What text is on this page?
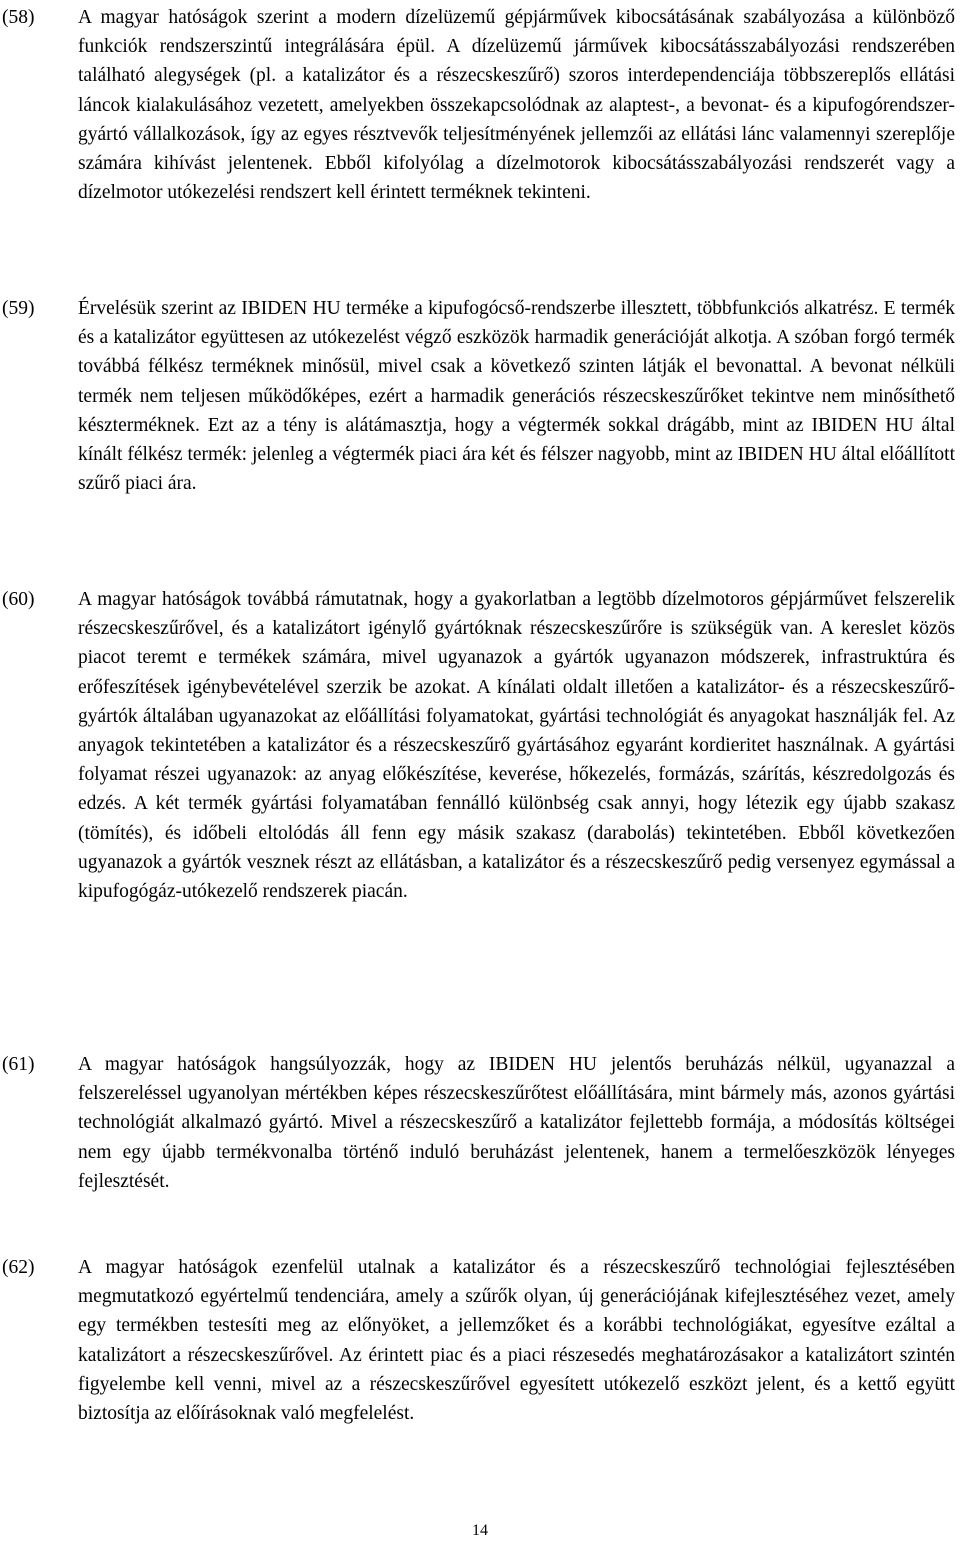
(58) A magyar hatóságok szerint a modern dízelüzemű gépjárművek kibocsátásának szabályozása a különböző funkciók rendszerszintű integrálására épül. A dízelüzemű járművek kibocsátásszabályozási rendszerében található alegységek (pl. a katalizátor és a részecskeszűrő) szoros interdependenciája többszereplős ellátási láncok kialakulásához vezetett, amelyekben összekapcsolódnak az alaptest-, a bevonat- és a kipufogórendszer-gyártó vállalkozások, így az egyes résztvevők teljesítményének jellemzői az ellátási lánc valamennyi szereplője számára kihívást jelentenek. Ebből kifolyólag a dízelmotorok kibocsátásszabályozási rendszerét vagy a dízelmotor utókezelési rendszert kell érintett terméknek tekinteni.
(59) Érvelésük szerint az IBIDEN HU terméke a kipufogócső-rendszerbe illesztett, többfunkciós alkatrész. E termék és a katalizátor együttesen az utókezelést végző eszközök harmadik generációját alkotja. A szóban forgó termék továbbá félkész terméknek minősül, mivel csak a következő szinten látják el bevonattal. A bevonat nélküli termék nem teljesen működőképes, ezért a harmadik generációs részecskeszűrőket tekintve nem minősíthető készterméknek. Ezt az a tény is alátámasztja, hogy a végtermék sokkal drágább, mint az IBIDEN HU által kínált félkész termék: jelenleg a végtermék piaci ára két és félszer nagyobb, mint az IBIDEN HU által előállított szűrő piaci ára.
(60) A magyar hatóságok továbbá rámutatnak, hogy a gyakorlatban a legtöbb dízelmotoros gépjárművet felszerelik részecskeszűrővel, és a katalizátort igénylő gyártóknak részecskeszűrőre is szükségük van. A kereslet közös piacot teremt e termékek számára, mivel ugyanazok a gyártók ugyanazon módszerek, infrastruktúra és erőfeszítések igénybevételével szerzik be azokat. A kínálati oldalt illetően a katalizátor- és a részecskeszűrő-gyártók általában ugyanazokat az előállítási folyamatokat, gyártási technológiát és anyagokat használják fel. Az anyagok tekintetében a katalizátor és a részecskeszűrő gyártásához egyaránt kordieritet használnak. A gyártási folyamat részei ugyanazok: az anyag előkészítése, keverése, hőkezelés, formázás, szárítás, készredolgozás és edzés. A két termék gyártási folyamatában fennálló különbség csak annyi, hogy létezik egy újabb szakasz (tömítés), és időbeli eltolódás áll fenn egy másik szakasz (darabolás) tekintetében. Ebből következően ugyanazok a gyártók vesznek részt az ellátásban, a katalizátor és a részecskeszűrő pedig versenyez egymással a kipufogógáz-utókezelő rendszerek piacán.
(61) A magyar hatóságok hangsúlyozzák, hogy az IBIDEN HU jelentős beruházás nélkül, ugyanazzal a felszereléssel ugyanolyan mértékben képes részecskeszűrőtest előállítására, mint bármely más, azonos gyártási technológiát alkalmazó gyártó. Mivel a részecskeszűrő a katalizátor fejlettebb formája, a módosítás költségei nem egy újabb termékvonalba történő induló beruházást jelentenek, hanem a termelőeszközök lényeges fejlesztését.
(62) A magyar hatóságok ezenfelül utalnak a katalizátor és a részecskeszűrő technológiai fejlesztésében megmutatkozó egyértelmű tendenciára, amely a szűrők olyan, új generációjának kifejlesztéséhez vezet, amely egy termékben testesíti meg az előnyöket, a jellemzőket és a korábbi technológiákat, egyesítve ezáltal a katalizátort a részecskeszűrővel. Az érintett piac és a piaci részesedés meghatározásakor a katalizátort szintén figyelembe kell venni, mivel az a részecskeszűrővel egyesített utókezelő eszközt jelent, és a kettő együtt biztosítja az előírásoknak való megfelelést.
14
